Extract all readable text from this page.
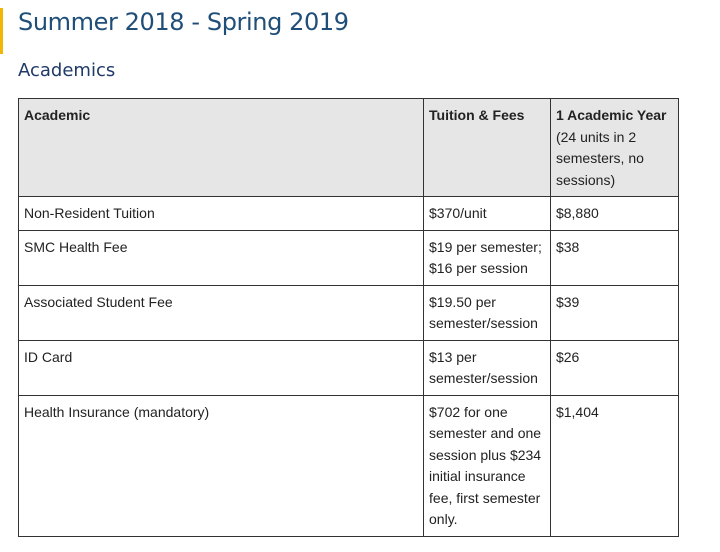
Summer 2018 - Spring 2019
Academics
Academic	Tuition & Fees	1 Academic Year
(24 units in 2 semesters, no sessions)

Non-Resident Tuition	$370/unit	$8,880
SMC Health Fee	$19 per semester; $16 per session	$38
Associated Student Fee	$19.50 per semester/session	$39
ID Card	$13 per semester/session	$26
Health Insurance (mandatory)	$702 for one semester and one session plus $234 initial insurance fee, first semester only.	$1,404
